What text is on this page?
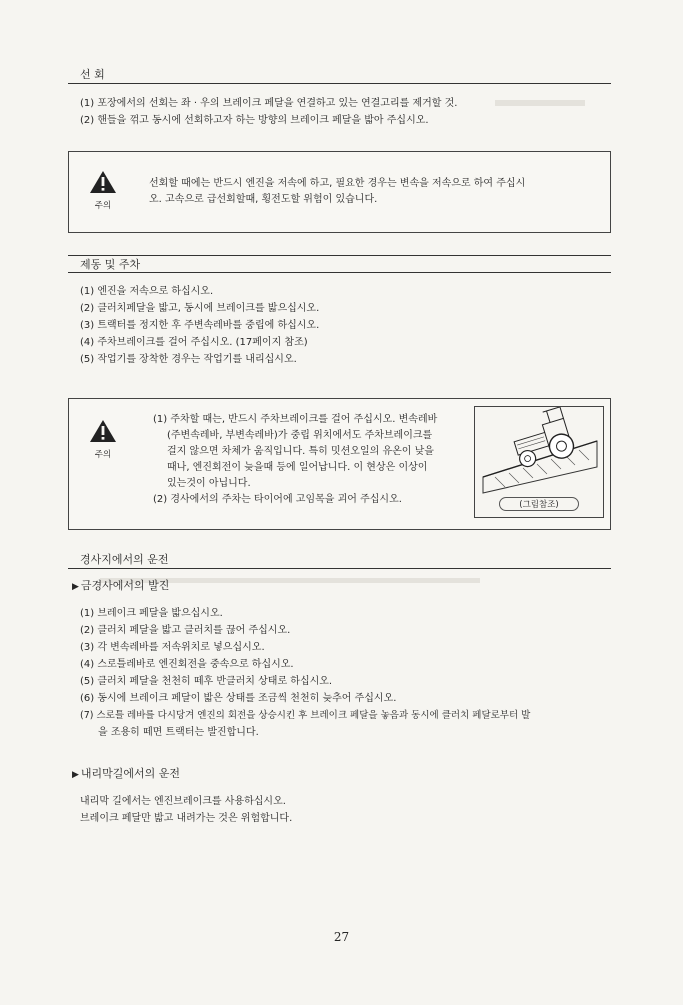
선 회
(1) 포장에서의 선회는 좌 · 우의 브레이크 페달을 연결하고 있는 연결고리를 제거할 것.
(2) 핸들을 꺾고 동시에 선회하고자 하는 방향의 브레이크 페달을 밟아 주십시오.
주의

선회할 때에는 반드시 엔진을 저속에 하고, 필요한 경우는 변속을 저속으로 하여 주십시

오. 고속으로 급선회할때, 횡전도할 위험이 있습니다.

제동 및 주차
(1) 엔진을 저속으로 하십시오.
(2) 클러치페달을 밟고, 동시에 브레이크를 밟으십시오.
(3) 트랙터를 정지한 후 주변속레바를 중립에 하십시오.
(4) 주차브레이크를 걸어 주십시오. (17페이지 참조)
(5) 작업기를 장착한 경우는 작업기를 내리십시오.
주의

(1) 주차할 때는, 반드시 주차브레이크를 걸어 주십시오. 변속레바

(주변속레바, 부변속레바)가 중립 위치에서도 주차브레이크를

걸지 않으면 차체가 움직입니다. 특히 밋션오일의 유온이 낮을

때나, 엔진회전이 늦을때 등에 일어납니다. 이 현상은 이상이

있는것이 아닙니다.

(2) 경사에서의 주차는 타이어에 고임목을 괴어 주십시오.	(그림참조)
경사지에서의 운전
▶ 금경사에서의 발진
(1) 브레이크 페달을 밟으십시오.
(2) 클러치 페달을 밟고 클러치를 끊어 주십시오.
(3) 각 변속레바를 저속위치로 넣으십시오.
(4) 스로틀레바로 엔진회전을 중속으로 하십시오.
(5) 클러치 페달을 천천히 떼후 반클러치 상태로 하십시오.
(6) 동시에 브레이크 페달이 밟은 상태를 조금씩 천천히 늦추어 주십시오.
(7) 스로틀 레바를 다시당겨 엔진의 회전을 상승시킨 후 브레이크 페달을 놓음과 동시에 클러치 페달로부터 발
을 조용히 떼면 트랙터는 발진합니다.
▶ 내리막길에서의 운전
내리막 길에서는 엔진브레이크를 사용하십시오.
브레이크 페달만 밟고 내려가는 것은 위험합니다.
27
